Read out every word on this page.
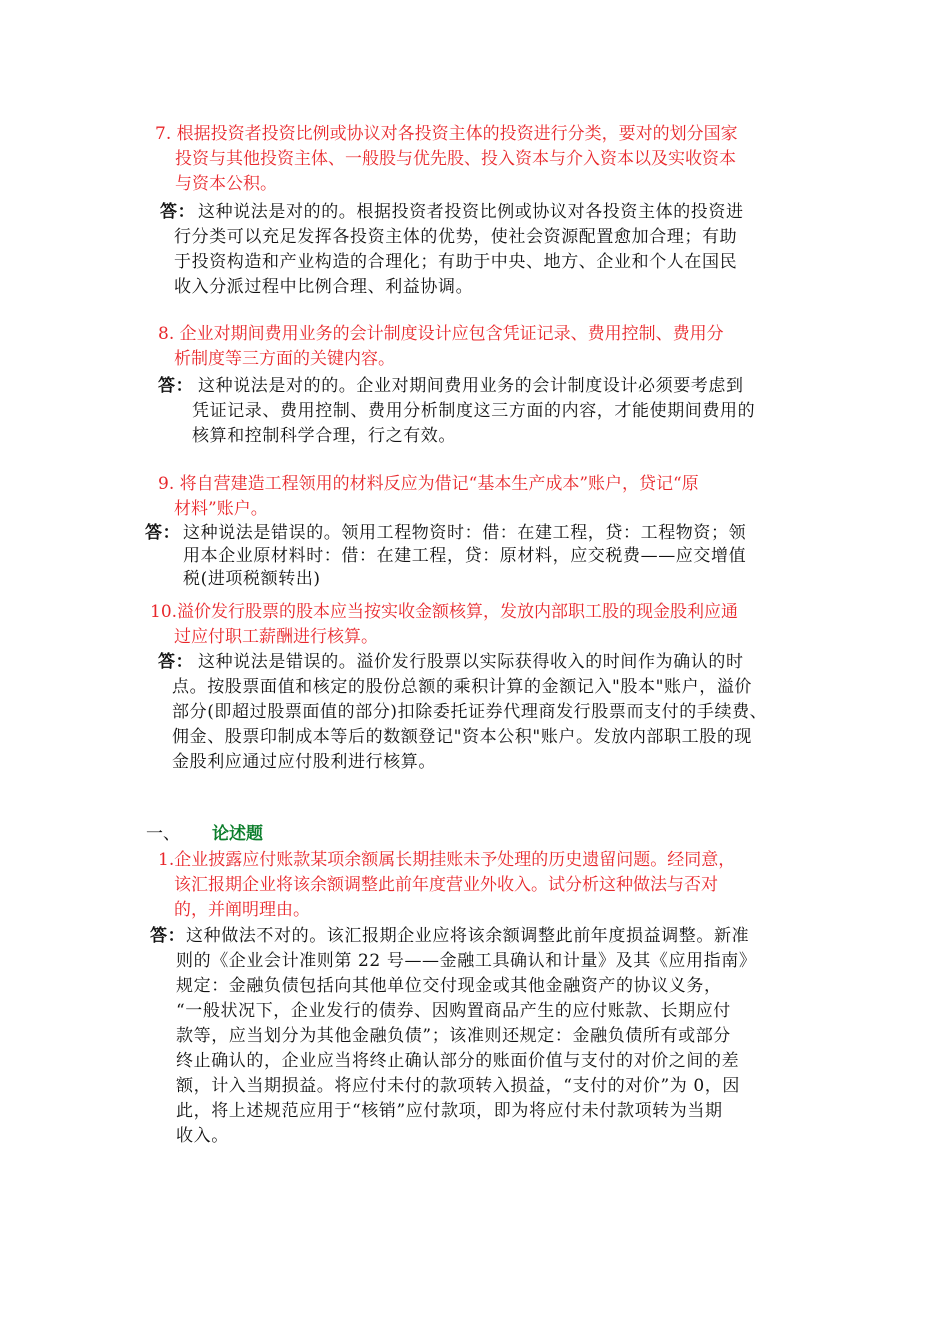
7. 根据投资者投资比例或协议对各投资主体的投资进行分类，要对的划分国家
投资与其他投资主体、一般股与优先股、投入资本与介入资本以及实收资本
与资本公积。
答： 这种说法是对的的。根据投资者投资比例或协议对各投资主体的投资进
行分类可以充足发挥各投资主体的优势，使社会资源配置愈加合理；有助
于投资构造和产业构造的合理化；有助于中央、地方、企业和个人在国民
收入分派过程中比例合理、利益协调。
8. 企业对期间费用业务的会计制度设计应包含凭证记录、费用控制、费用分
析制度等三方面的关键内容。
答： 这种说法是对的的。企业对期间费用业务的会计制度设计必须要考虑到
凭证记录、费用控制、费用分析制度这三方面的内容，才能使期间费用的
核算和控制科学合理，行之有效。
9. 将自营建造工程领用的材料反应为借记“基本生产成本”账户，贷记“原
材料”账户。
答： 这种说法是错误的。领用工程物资时：借：在建工程，贷：工程物资；领
用本企业原材料时：借：在建工程，贷：原材料，应交税费——应交增值
税(进项税额转出)
10.溢价发行股票的股本应当按实收金额核算，发放内部职工股的现金股利应通
过应付职工薪酬进行核算。
答： 这种说法是错误的。溢价发行股票以实际获得收入的时间作为确认的时
点。按股票面值和核定的股份总额的乘积计算的金额记入"股本"账户，溢价
部分(即超过股票面值的部分)扣除委托证券代理商发行股票而支付的手续费、
佣金、股票印制成本等后的数额登记"资本公积"账户。发放内部职工股的现
金股利应通过应付股利进行核算。
一、 论述题
1.企业披露应付账款某项余额属长期挂账未予处理的历史遗留问题。经同意，
该汇报期企业将该余额调整此前年度营业外收入。试分析这种做法与否对
的，并阐明理由。
答： 这种做法不对的。该汇报期企业应将该余额调整此前年度损益调整。新准
则的《企业会计准则第 22 号——金融工具确认和计量》及其《应用指南》
规定：金融负债包括向其他单位交付现金或其他金融资产的协议义务，
“一般状况下，企业发行的债券、因购置商品产生的应付账款、长期应付
款等，应当划分为其他金融负债”；该准则还规定：金融负债所有或部分
终止确认的，企业应当将终止确认部分的账面价值与支付的对价之间的差
额，计入当期损益。将应付未付的款项转入损益，“支付的对价”为 0，因
此，将上述规范应用于“核销”应付款项，即为将应付未付款项转为当期
收入。
